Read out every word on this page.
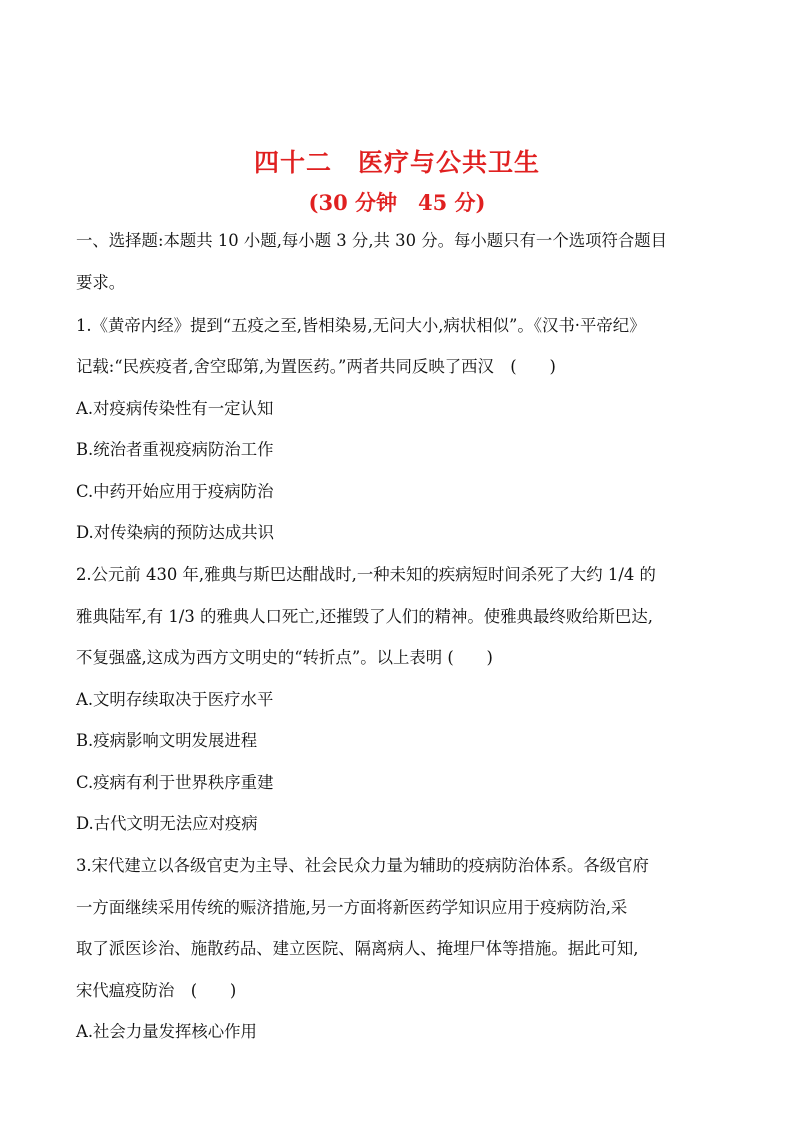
四十二　医疗与公共卫生
(30 分钟　45 分)
一、选择题:本题共 10 小题,每小题 3 分,共 30 分。每小题只有一个选项符合题目
要求。
1.《黄帝内经》提到“五疫之至,皆相染易,无问大小,病状相似”。《汉书·平帝纪》
记载:“民疾疫者,舍空邸第,为置医药。”两者共同反映了西汉　(　　)
A.对疫病传染性有一定认知
B.统治者重视疫病防治工作
C.中药开始应用于疫病防治
D.对传染病的预防达成共识
2.公元前 430 年,雅典与斯巴达酣战时,一种未知的疾病短时间杀死了大约 1/4 的
雅典陆军,有 1/3 的雅典人口死亡,还摧毁了人们的精神。使雅典最终败给斯巴达,
不复强盛,这成为西方文明史的“转折点”。以上表明 (　　)
A.文明存续取决于医疗水平
B.疫病影响文明发展进程
C.疫病有利于世界秩序重建
D.古代文明无法应对疫病
3.宋代建立以各级官吏为主导、社会民众力量为辅助的疫病防治体系。各级官府
一方面继续采用传统的赈济措施,另一方面将新医药学知识应用于疫病防治,采
取了派医诊治、施散药品、建立医院、隔离病人、掩埋尸体等措施。据此可知,
宋代瘟疫防治　(　　)
A.社会力量发挥核心作用
